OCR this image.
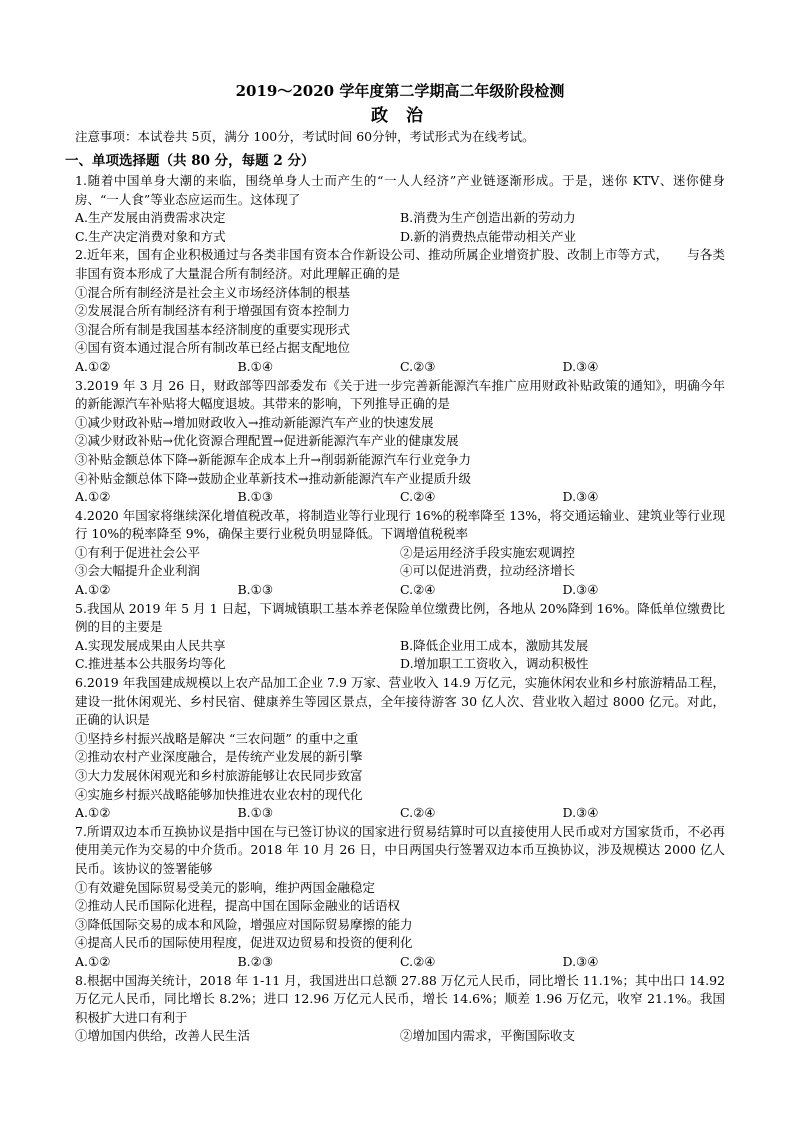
2019～2020 学年度第二学期高二年级阶段检测

政 治

注意事项：本试卷共 5页，满分 100分，考试时间 60分钟，考试形式为在线考试。

一、单项选择题（共 80 分，每题 2 分）

1.随着中国单身大潮的来临，围绕单身人士而产生的“一人人经济”产业链逐渐形成。于是，迷你 KTV、迷你健身房、“一人食”等业态应运而生。这体现了

A.生产发展由消费需求决定	B.消费为生产创造出新的劳动力
C.生产决定消费对象和方式	D.新的消费热点能带动相关产业

2.近年来，国有企业积极通过与各类非国有资本合作新设公司、推动所属企业增资扩股、改制上市等方式，　　与各类非国有资本形成了大量混合所有制经济。对此理解正确的是

①混合所有制经济是社会主义市场经济体制的根基

②发展混合所有制经济有利于增强国有资本控制力

③混合所有制是我国基本经济制度的重要实现形式

④国有资本通过混合所有制改革已经占据支配地位

A.①②	B.①④	C.②③	D.③④

3.2019 年 3 月 26 日，财政部等四部委发布《关于进一步完善新能源汽车推广应用财政补贴政策的通知》，明确今年的新能源汽车补贴将大幅度退坡。其带来的影响，下列推导正确的是

①减少财政补贴→增加财政收入→推动新能源汽车产业的快速发展

②减少财政补贴→优化资源合理配置→促进新能源汽车产业的健康发展

③补贴金额总体下降→新能源车企成本上升→削弱新能源汽车行业竞争力

④补贴金额总体下降→鼓励企业革新技术→推动新能源汽车产业提质升级

A.①②	B.①③	C.②④	D.③④

4.2020 年国家将继续深化增值税改革，将制造业等行业现行 16%的税率降至 13%，将交通运输业、建筑业等行业现行 10%的税率降至 9%，确保主要行业税负明显降低。下调增值税税率

①有利于促进社会公平	②是运用经济手段实施宏观调控
③会大幅提升企业利润	④可以促进消费，拉动经济增长
A.①②	B.①③	C.②④	D.③④

5.我国从 2019 年 5 月 1 日起，下调城镇职工基本养老保险单位缴费比例，各地从 20%降到 16%。降低单位缴费比例的目的主要是

A.实现发展成果由人民共享	B.降低企业用工成本，激励其发展
C.推进基本公共服务均等化	D.增加职工工资收入，调动积极性

6.2019 年我国建成规模以上农产品加工企业 7.9 万家、营业收入 14.9 万亿元，实施休闲农业和乡村旅游精品工程，建设一批休闲观光、乡村民宿、健康养生等园区景点，全年接待游客 30 亿人次、营业收入超过 8000 亿元。对此，正确的认识是

①坚持乡村振兴战略是解决 “三农问题” 的重中之重

②推动农村产业深度融合，是传统产业发展的新引擎

③大力发展休闲观光和乡村旅游能够让农民同步致富

④实施乡村振兴战略能够加快推进农业农村的现代化

A.①②	B.①③	C.②④	D.③④

7.所谓双边本币互换协议是指中国在与已签订协议的国家进行贸易结算时可以直接使用人民币或对方国家货币，不必再使用美元作为交易的中介货币。2018 年 10 月 26 日，中日两国央行签署双边本币互换协议，涉及规模达 2000 亿人民币。该协议的签署能够

①有效避免国际贸易受美元的影响，维护两国金融稳定

②推动人民币国际化进程，提高中国在国际金融业的话语权

③降低国际交易的成本和风险，增强应对国际贸易摩擦的能力

④提高人民币的国际使用程度，促进双边贸易和投资的便利化

A.①②	B.②③	C.②④	D.③④

8.根据中国海关统计，2018 年 1-11 月，我国进出口总额 27.88 万亿元人民币，同比增长 11.1%；其中出口 14.92 万亿元人民币，同比增长 8.2%；进口 12.96 万亿元人民币，增长 14.6%；顺差 1.96 万亿元，收窄 21.1%。我国积极扩大进口有利于

①增加国内供给，改善人民生活	②增加国内需求，平衡国际收支
